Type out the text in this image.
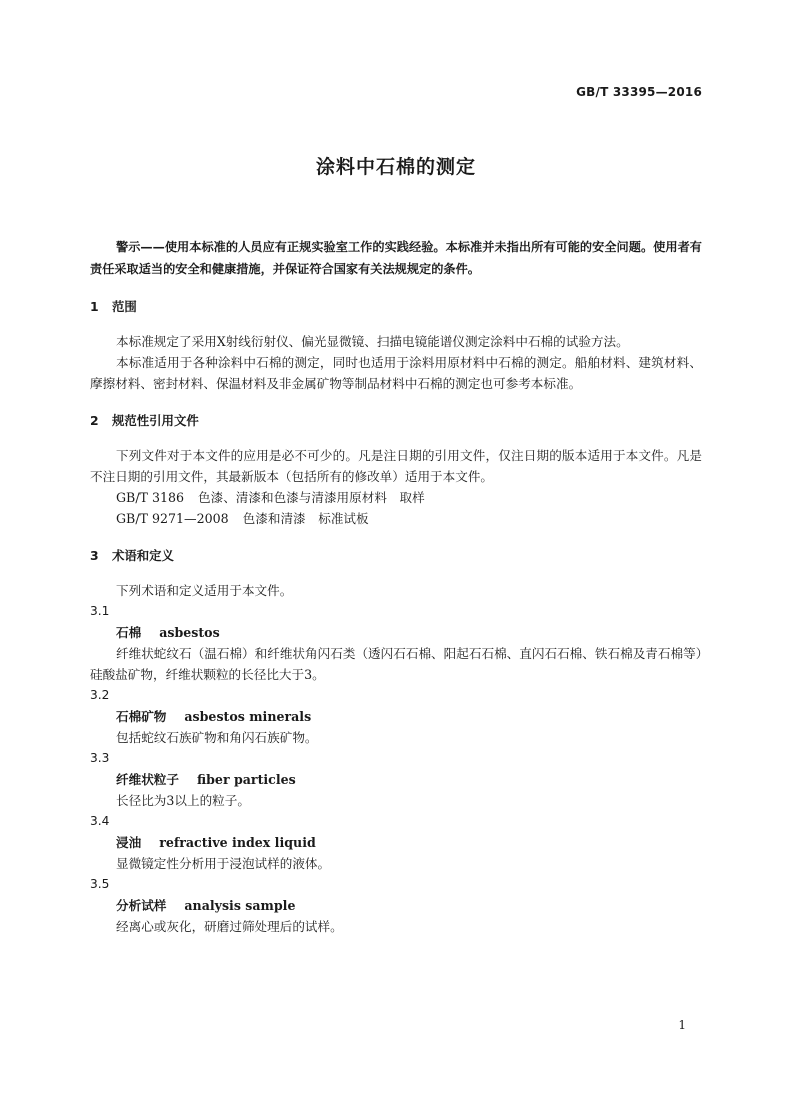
GB/T 33395—2016
涂料中石棉的测定

警示——使用本标准的人员应有正规实验室工作的实践经验。本标准并未指出所有可能的安全问题。使用者有责任采取适当的安全和健康措施，并保证符合国家有关法规规定的条件。

1 范围

本标准规定了采用X射线衍射仪、偏光显微镜、扫描电镜能谱仪测定涂料中石棉的试验方法。

本标准适用于各种涂料中石棉的测定，同时也适用于涂料用原材料中石棉的测定。船舶材料、建筑材料、摩擦材料、密封材料、保温材料及非金属矿物等制品材料中石棉的测定也可参考本标准。

2 规范性引用文件

下列文件对于本文件的应用是必不可少的。凡是注日期的引用文件，仅注日期的版本适用于本文件。凡是不注日期的引用文件，其最新版本（包括所有的修改单）适用于本文件。

GB/T 3186 色漆、清漆和色漆与清漆用原材料　取样

GB/T 9271—2008 色漆和清漆　标准试板

3 术语和定义

下列术语和定义适用于本文件。

3.1

石棉 asbestos

纤维状蛇纹石（温石棉）和纤维状角闪石类（透闪石石棉、阳起石石棉、直闪石石棉、铁石棉及青石棉等）硅酸盐矿物，纤维状颗粒的长径比大于3。

3.2

石棉矿物 asbestos minerals

包括蛇纹石族矿物和角闪石族矿物。

3.3

纤维状粒子 fiber particles

长径比为3以上的粒子。

3.4

浸油 refractive index liquid

显微镜定性分析用于浸泡试样的液体。

3.5

分析试样 analysis sample

经离心或灰化，研磨过筛处理后的试样。

1
